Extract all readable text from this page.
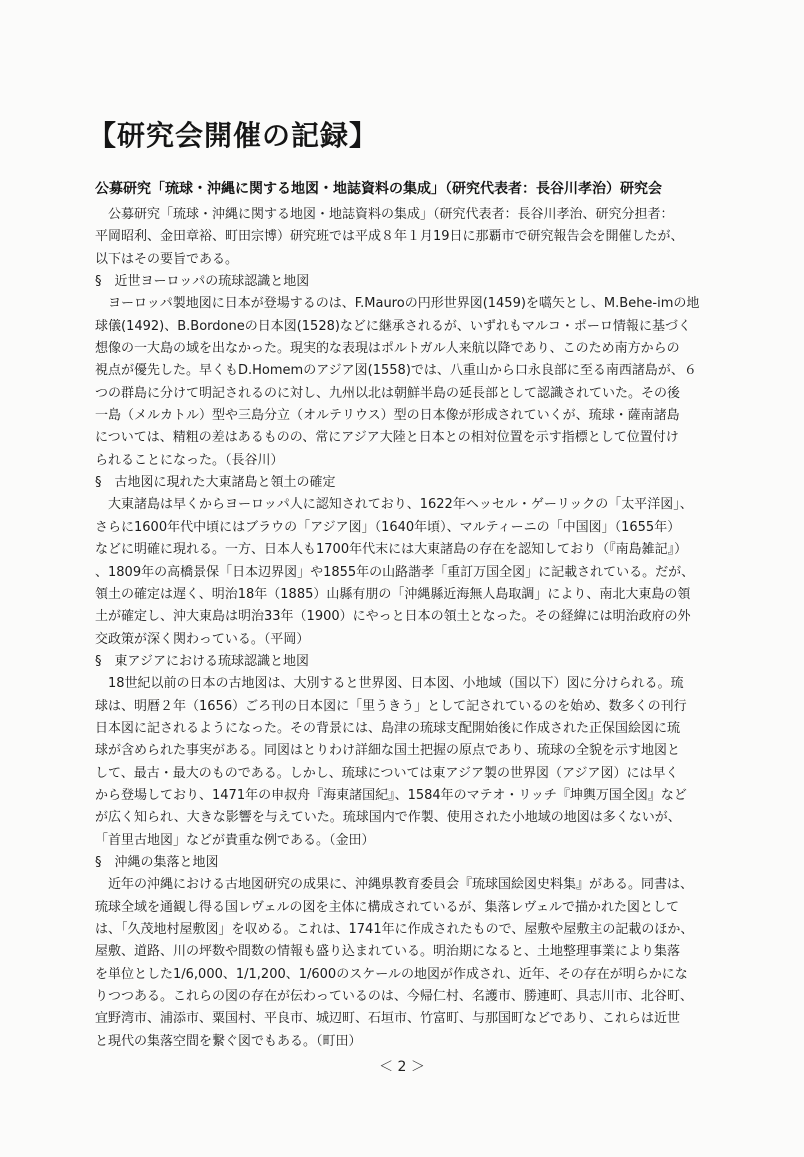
【研究会開催の記録】
公募研究「琉球・沖縄に関する地図・地誌資料の集成」（研究代表者：長谷川孝治）研究会
　公募研究「琉球・沖縄に関する地図・地誌資料の集成」（研究代表者：長谷川孝治、研究分担者：
平岡昭利、金田章裕、町田宗博）研究班では平成８年１月19日に那覇市で研究報告会を開催したが、
以下はその要旨である。
§　近世ヨーロッパの琉球認識と地図
　ヨーロッパ製地図に日本が登場するのは、F.Mauroの円形世界図(1459)を嚆矢とし、M.Behe-imの地
球儀(1492)、B.Bordoneの日本図(1528)などに継承されるが、いずれもマルコ・ポーロ情報に基づく
想像の一大島の域を出なかった。現実的な表現はポルトガル人来航以降であり、このため南方からの
視点が優先した。早くもD.Homemのアジア図(1558)では、八重山から口永良部に至る南西諸島が、６
つの群島に分けて明記されるのに対し、九州以北は朝鮮半島の延長部として認識されていた。その後
一島（メルカトル）型や三島分立（オルテリウス）型の日本像が形成されていくが、琉球・薩南諸島
については、精粗の差はあるものの、常にアジア大陸と日本との相対位置を示す指標として位置付け
られることになった。（長谷川）
§　古地図に現れた大東諸島と領土の確定
　大東諸島は早くからヨーロッパ人に認知されており、1622年ヘッセル・ゲーリックの「太平洋図」、
さらに1600年代中頃にはブラウの「アジア図」（1640年頃）、マルティーニの「中国図」（1655年）
などに明確に現れる。一方、日本人も1700年代末には大東諸島の存在を認知しており（『南島雑記』）
、1809年の高橋景保「日本辺界図」や1855年の山路諧孝「重訂万国全図」に記載されている。だが、
領土の確定は遅く、明治18年（1885）山縣有朋の「沖縄縣近海無人島取調」により、南北大東島の領
土が確定し、沖大東島は明治33年（1900）にやっと日本の領土となった。その経緯には明治政府の外
交政策が深く関わっている。（平岡）
§　東アジアにおける琉球認識と地図
　18世紀以前の日本の古地図は、大別すると世界図、日本図、小地域（国以下）図に分けられる。琉
球は、明暦２年（1656）ごろ刊の日本図に「里うきう」として記されているのを始め、数多くの刊行
日本図に記されるようになった。その背景には、島津の琉球支配開始後に作成された正保国絵図に琉
球が含められた事実がある。同図はとりわけ詳細な国土把握の原点であり、琉球の全貌を示す地図と
して、最古・最大のものである。しかし、琉球については東アジア製の世界図（アジア図）には早く
から登場しており、1471年の申叔舟『海東諸国紀』、1584年のマテオ・リッチ『坤輿万国全図』など
が広く知られ、大きな影響を与えていた。琉球国内で作製、使用された小地域の地図は多くないが、
「首里古地図」などが貴重な例である。（金田）
§　沖縄の集落と地図
　近年の沖縄における古地図研究の成果に、沖縄県教育委員会『琉球国絵図史料集』がある。同書は、
琉球全域を通観し得る国レヴェルの図を主体に構成されているが、集落レヴェルで描かれた図として
は、「久茂地村屋敷図」を収める。これは、1741年に作成されたもので、屋敷や屋敷主の記載のほか、
屋敷、道路、川の坪数や間数の情報も盛り込まれている。明治期になると、土地整理事業により集落
を単位とした1/6,000、1/1,200、1/600のスケールの地図が作成され、近年、その存在が明らかにな
りつつある。これらの図の存在が伝わっているのは、今帰仁村、名護市、勝連町、具志川市、北谷町、
宜野湾市、浦添市、粟国村、平良市、城辺町、石垣市、竹富町、与那国町などであり、これらは近世
と現代の集落空間を繋ぐ図でもある。（町田）
＜ 2 ＞
